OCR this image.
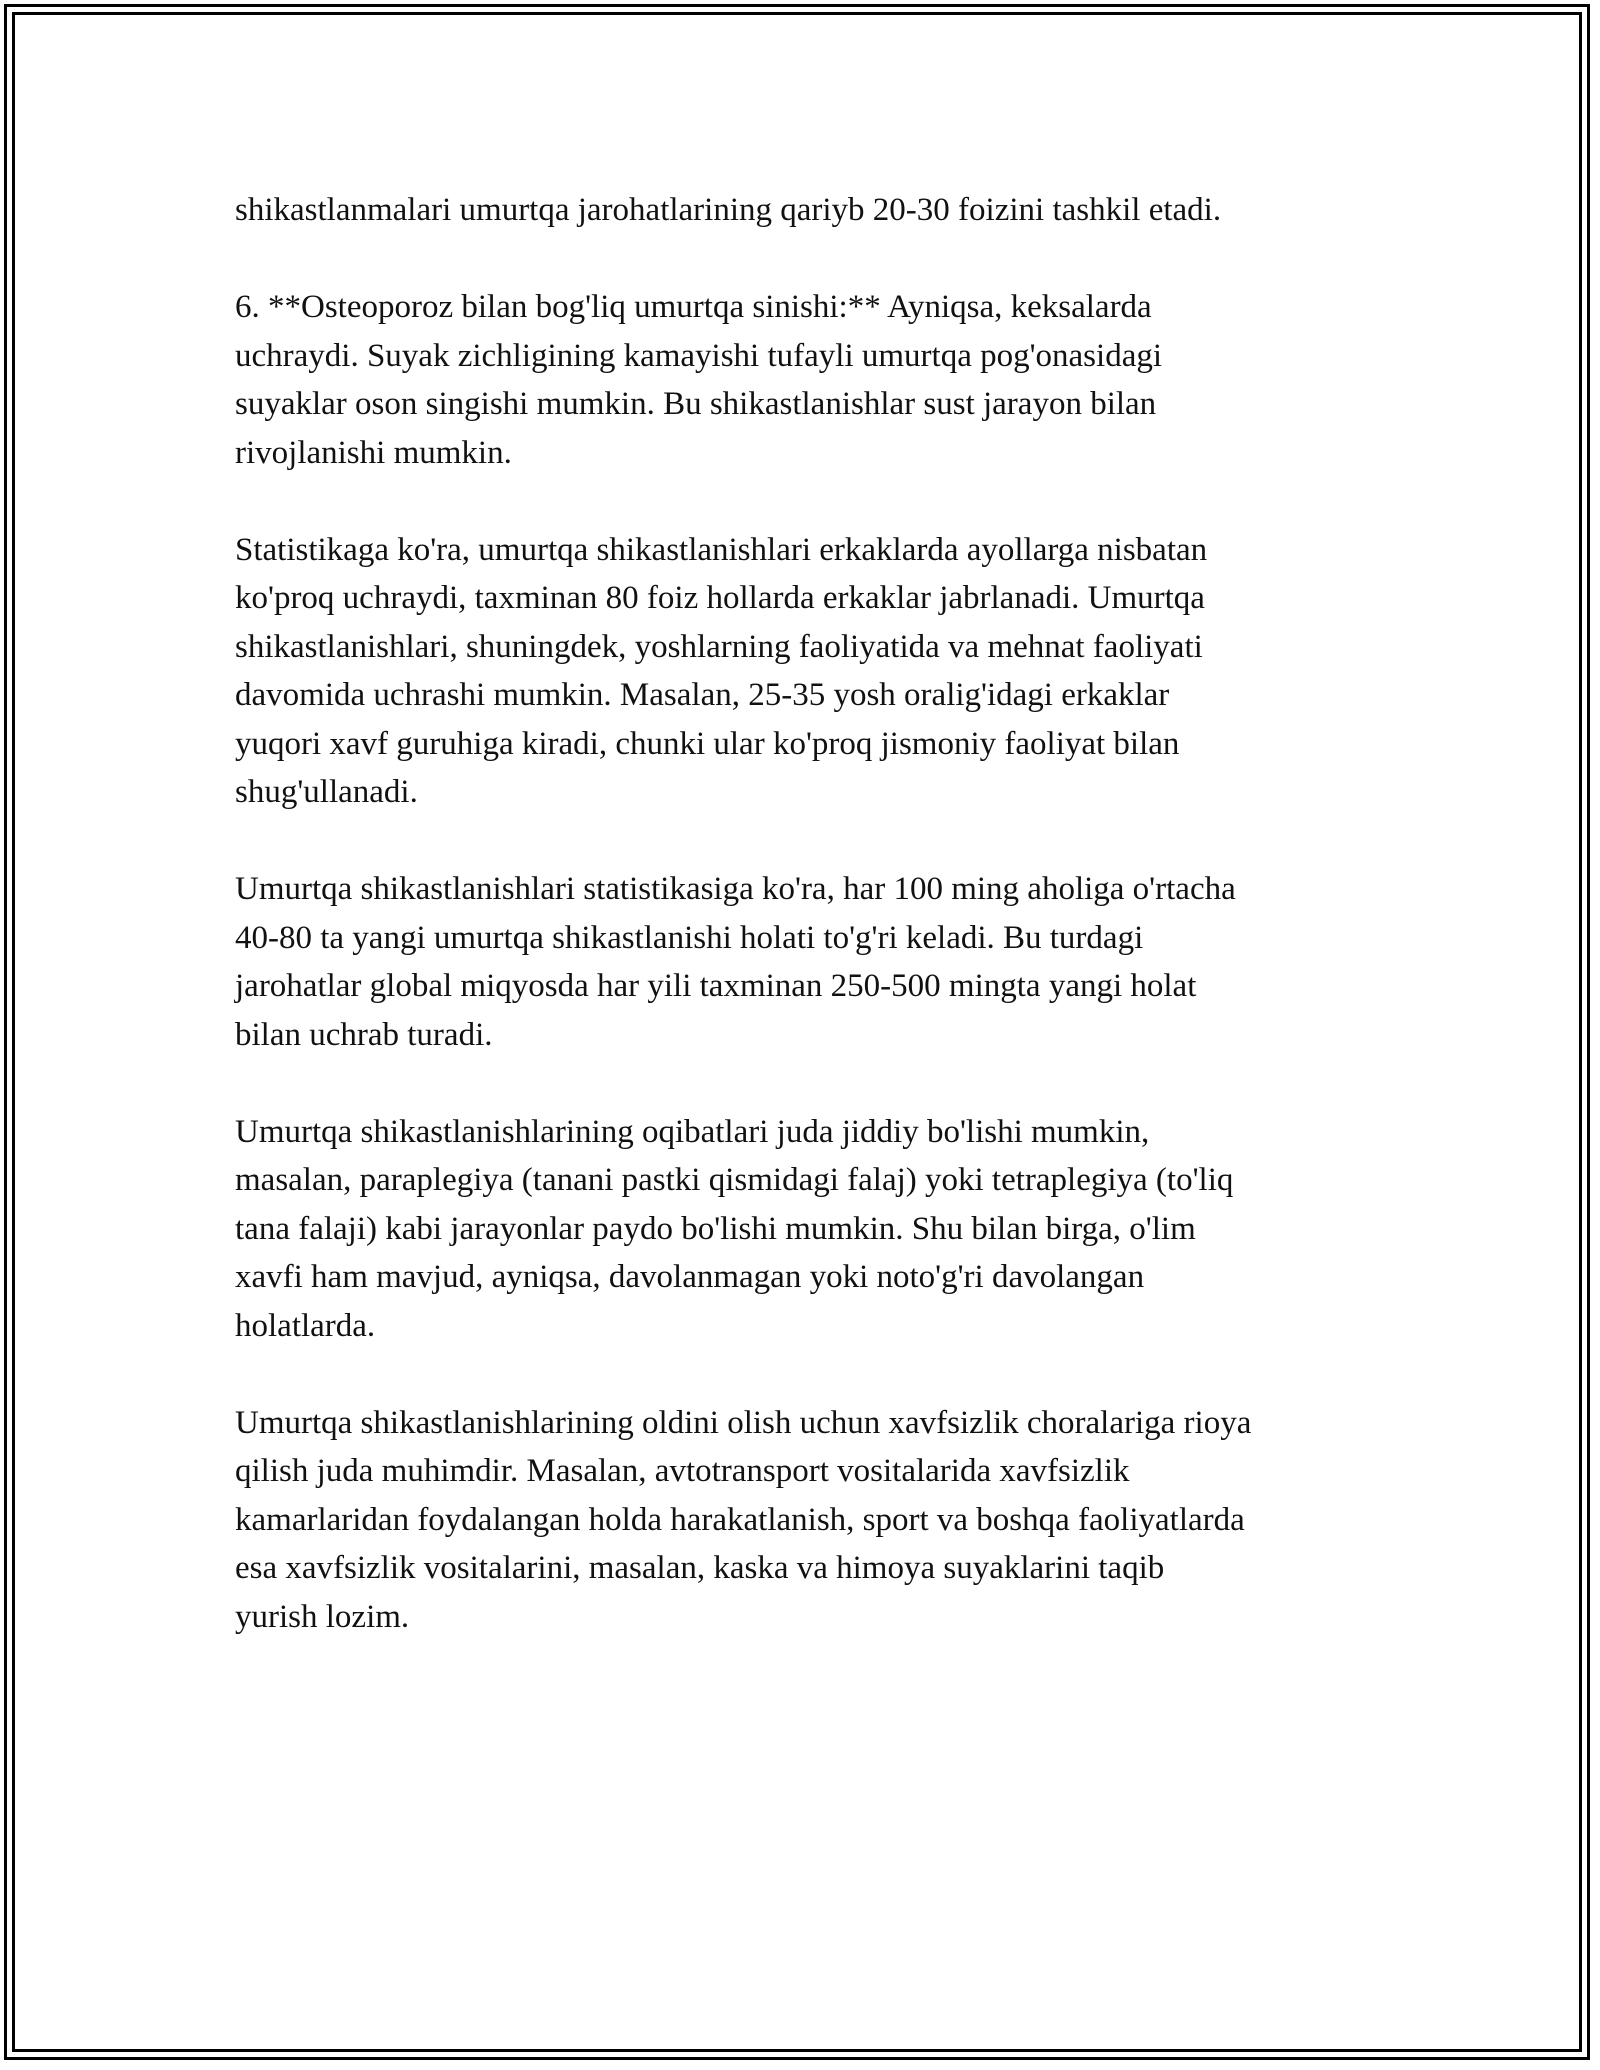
shikastlanmalari umurtqa jarohatlarining qariyb 20-30 foizini tashkil etadi.

6. **Osteoporoz bilan bog'liq umurtqa sinishi:** Ayniqsa, keksalarda
uchraydi. Suyak zichligining kamayishi tufayli umurtqa pog'onasidagi
suyaklar oson singishi mumkin. Bu shikastlanishlar sust jarayon bilan
rivojlanishi mumkin.

Statistikaga ko'ra, umurtqa shikastlanishlari erkaklarda ayollarga nisbatan
ko'proq uchraydi, taxminan 80 foiz hollarda erkaklar jabrlanadi. Umurtqa
shikastlanishlari, shuningdek, yoshlarning faoliyatida va mehnat faoliyati
davomida uchrashi mumkin. Masalan, 25-35 yosh oralig'idagi erkaklar
yuqori xavf guruhiga kiradi, chunki ular ko'proq jismoniy faoliyat bilan
shug'ullanadi.

Umurtqa shikastlanishlari statistikasiga ko'ra, har 100 ming aholiga o'rtacha
40-80 ta yangi umurtqa shikastlanishi holati to'g'ri keladi. Bu turdagi
jarohatlar global miqyosda har yili taxminan 250-500 mingta yangi holat
bilan uchrab turadi.

Umurtqa shikastlanishlarining oqibatlari juda jiddiy bo'lishi mumkin,
masalan, paraplegiya (tanani pastki qismidagi falaj) yoki tetraplegiya (to'liq
tana falaji) kabi jarayonlar paydo bo'lishi mumkin. Shu bilan birga, o'lim
xavfi ham mavjud, ayniqsa, davolanmagan yoki noto'g'ri davolangan
holatlarda.

Umurtqa shikastlanishlarining oldini olish uchun xavfsizlik choralariga rioya
qilish juda muhimdir. Masalan, avtotransport vositalarida xavfsizlik
kamarlaridan foydalangan holda harakatlanish, sport va boshqa faoliyatlarda
esa xavfsizlik vositalarini, masalan, kaska va himoya suyaklarini taqib
yurish lozim.
